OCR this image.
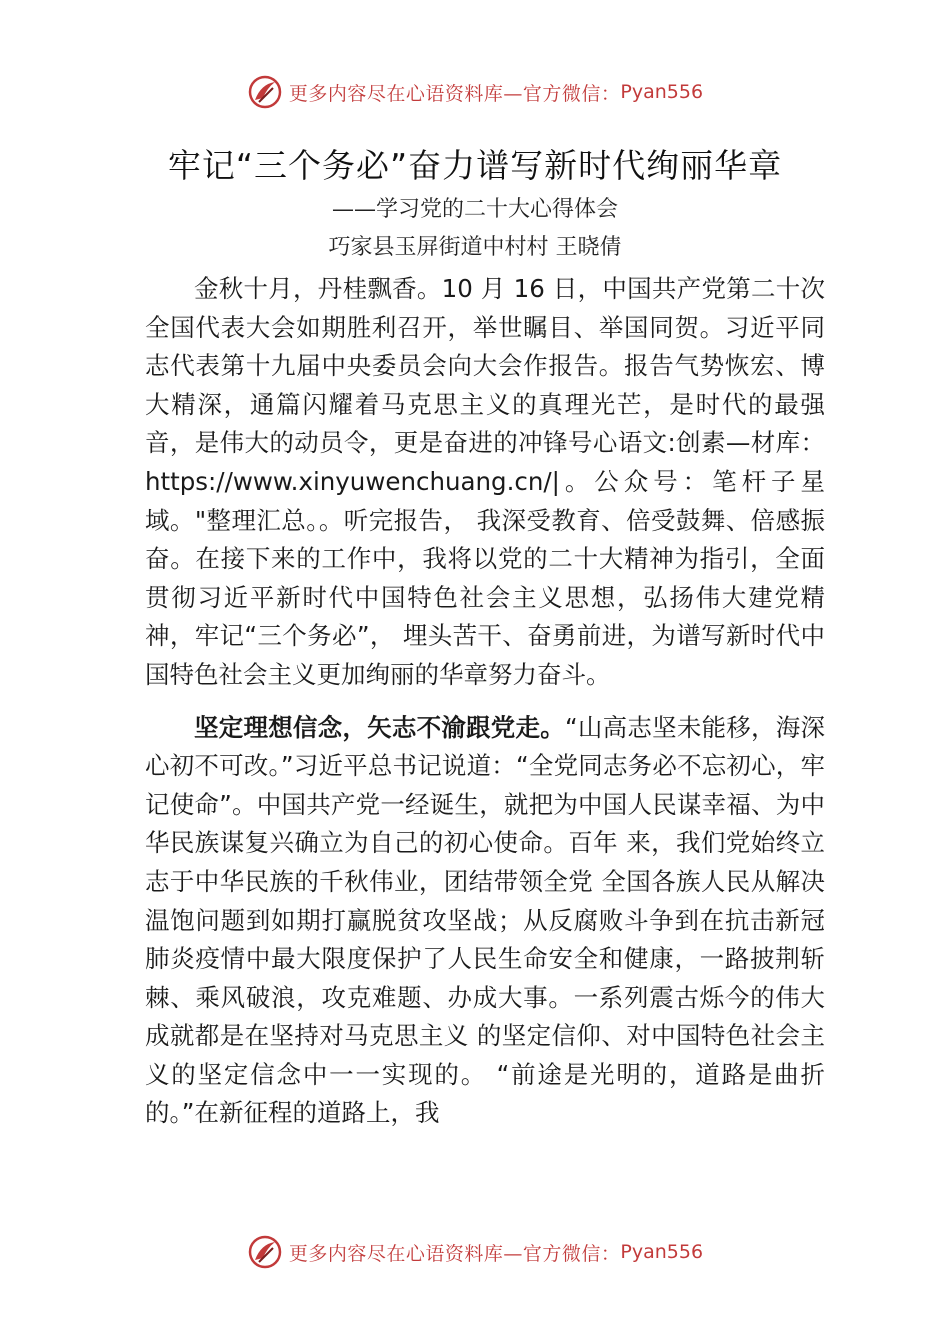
更多内容尽在心语资料库—官方微信： Pyan556
牢记“三个务必”奋力谱写新时代绚丽华章
——学习党的二十大心得体会
巧家县玉屏街道中村村 王晓倩

金秋十月，丹桂飘香。10 月 16 日，中国共产党第二十次全国代表大会如期胜利召开，举世瞩目、举国同贺。习近平同志代表第十九届中央委员会向大会作报告。报告气势恢宏、博大精深，通篇闪耀着马克思主义的真理光芒，是时代的最强音，是伟大的动员令，更是奋进的冲锋号心语文:创素—材库：https://www.xinyuwenchuang.cn/|。公众号：笔杆子星域。"整理汇总。。听完报告， 我深受教育、倍受鼓舞、倍感振奋。在接下来的工作中，我将以党的二十大精神为指引，全面贯彻习近平新时代中国特色社会主义思想，弘扬伟大建党精神，牢记“三个务必”， 埋头苦干、奋勇前进，为谱写新时代中国特色社会主义更加绚丽的华章努力奋斗。

坚定理想信念，矢志不渝跟党走。“山高志坚未能移，海深心初不可改。”习近平总书记说道：“全党同志务必不忘初心，牢记使命”。中国共产党一经诞生，就把为中国人民谋幸福、为中华民族谋复兴确立为自己的初心使命。百年 来，我们党始终立志于中华民族的千秋伟业，团结带领全党 全国各族人民从解决温饱问题到如期打赢脱贫攻坚战；从反腐败斗争到在抗击新冠肺炎疫情中最大限度保护了人民生命安全和健康，一路披荆斩棘、乘风破浪，攻克难题、办成大事。一系列震古烁今的伟大成就都是在坚持对马克思主义 的坚定信仰、对中国特色社会主义的坚定信念中一一实现的。 “前途是光明的，道路是曲折的。”在新征程的道路上，我

更多内容尽在心语资料库—官方微信： Pyan556
